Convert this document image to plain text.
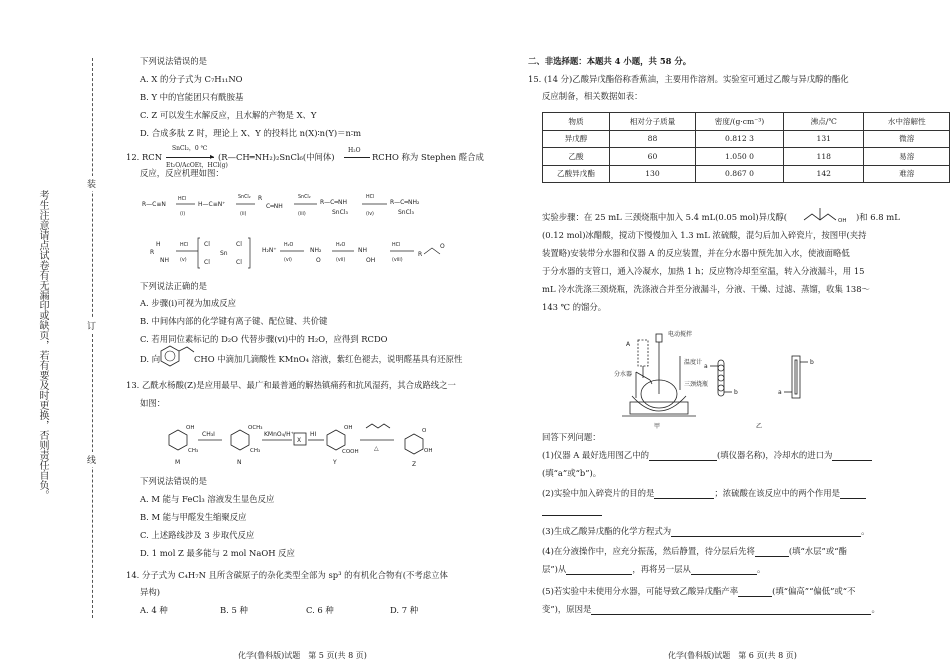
考生注意请点试卷有无漏印或缺页，若有要及时更换，否则责任自负。
装
订
线
下列说法错误的是
A. X 的分子式为 C₇H₁₁NO
B. Y 中的官能团只有酰胺基
C. Z 可以发生水解反应，且水解的产物是 X、Y
D. 合成多肽 Z 时，理论上 X、Y 的投料比 n(X)∶n(Y)＝n∶m
12. RCN
SnCl₂，0 ℃
▸
Et₂O/AcOEt，HCl(g)
(R—CH═NH₂)₂SnCl₆(中间体)
H₂O
RCHO 称为 Stephen 醛合成
反应，反应机理如图：
R—C≡N	H—C≡N⁺
R
C═NH
R—C═NH
SnCl₃
R—C═NH₂
SnCl₃
R
H
NH
Cl
Cl
Sn
Cl
Cl
H₂N⁺	NH₂
O
NH
OH
R
O
HCl
(i)
SnCl₂
(ii)
SnCl₂
(iii)
HCl
(iv)
HCl
(v)
H₂O
(vi)
H₂O
(vii)
HCl
(viii)
下列说法正确的是
A. 步骤(i)可视为加成反应
B. 中间体内部的化学键有离子键、配位键、共价键
C. 若用同位素标记的 D₂O 代替步骤(vi)中的 H₂O，应得到 RCDO
D. 向	CHO 中滴加几滴酸性 KMnO₄ 溶液，紫红色褪去，说明醛基具有还原性
13. 乙酰水杨酸(Z)是应用最早、最广和最普通的解热镇痛药和抗风湿药，其合成路线之一
如图：
OH
CH₃
OCH₃
CH₃
OH
COOH
O
OH
M	N	Y	Z
X
CH₃I	KMnO₄/H⁺	HI
△
下列说法错误的是
A. M 能与 FeCl₃ 溶液发生显色反应
B. M 能与甲醛发生缩聚反应
C. 上述路线涉及 3 步取代反应
D. 1 mol Z 最多能与 2 mol NaOH 反应
14. 分子式为 C₄H₇N 且所含碳原子的杂化类型全部为 sp³ 的有机化合物有(不考虑立体
异构)
A. 4 种	B. 5 种	C. 6 种	D. 7 种
化学(鲁科版)试题　第 5 页(共 8 页)
二、非选择题：本题共 4 小题，共 58 分。
15. (14 分)乙酸异戊酯俗称香蕉油，主要用作溶剂。实验室可通过乙酸与异戊醇的酯化
反应制备，相关数据如表：
物质	相对分子质量	密度/(g·cm⁻³)	沸点/℃	水中溶解性
异戊醇	88	0.812 3	131	微溶
乙酸	60	1.050 0	118	易溶
乙酸异戊酯	130	0.867 0	142	难溶
实验步骤：在 25 mL 三颈烧瓶中加入 5.4 mL(0.05 mol)异戊醇(	OH )和 6.8 mL
(0.12 mol)冰醋酸，搅动下慢慢加入 1.3 mL 浓硫酸，混匀后加入碎瓷片，按图甲(夹持
装置略)安装带分水器和仪器 A 的反应装置，并在分水器中预先加入水，使液面略低
于分水器的支管口，通入冷凝水，加热 1 h；反应物冷却至室温，转入分液漏斗，用 15
mL 冷水洗涤三颈烧瓶，洗涤液合并至分液漏斗，分液、干燥、过滤、蒸馏，收集 138～
143 ℃ 的馏分。
A
电动搅拌
温度计
分水器
三颈烧瓶
甲	乙
a
b	a
b
回答下列问题：
(1)仪器 A 最好选用图乙中的	(填仪器名称)，冷却水的进口为
(填“a”或“b”)。
(2)实验中加入碎瓷片的目的是	；浓硫酸在该反应中的两个作用是
(3)生成乙酸异戊酯的化学方程式为	。
(4)在分液操作中，应充分振荡，然后静置，待分层后先将	(填“水层”或“酯
层”)从	，再将另一层从	。
(5)若实验中未使用分水器，可能导致乙酸异戊酯产率	(填“偏高”“偏低”或“不
变”)，原因是	。
化学(鲁科版)试题　第 6 页(共 8 页)
